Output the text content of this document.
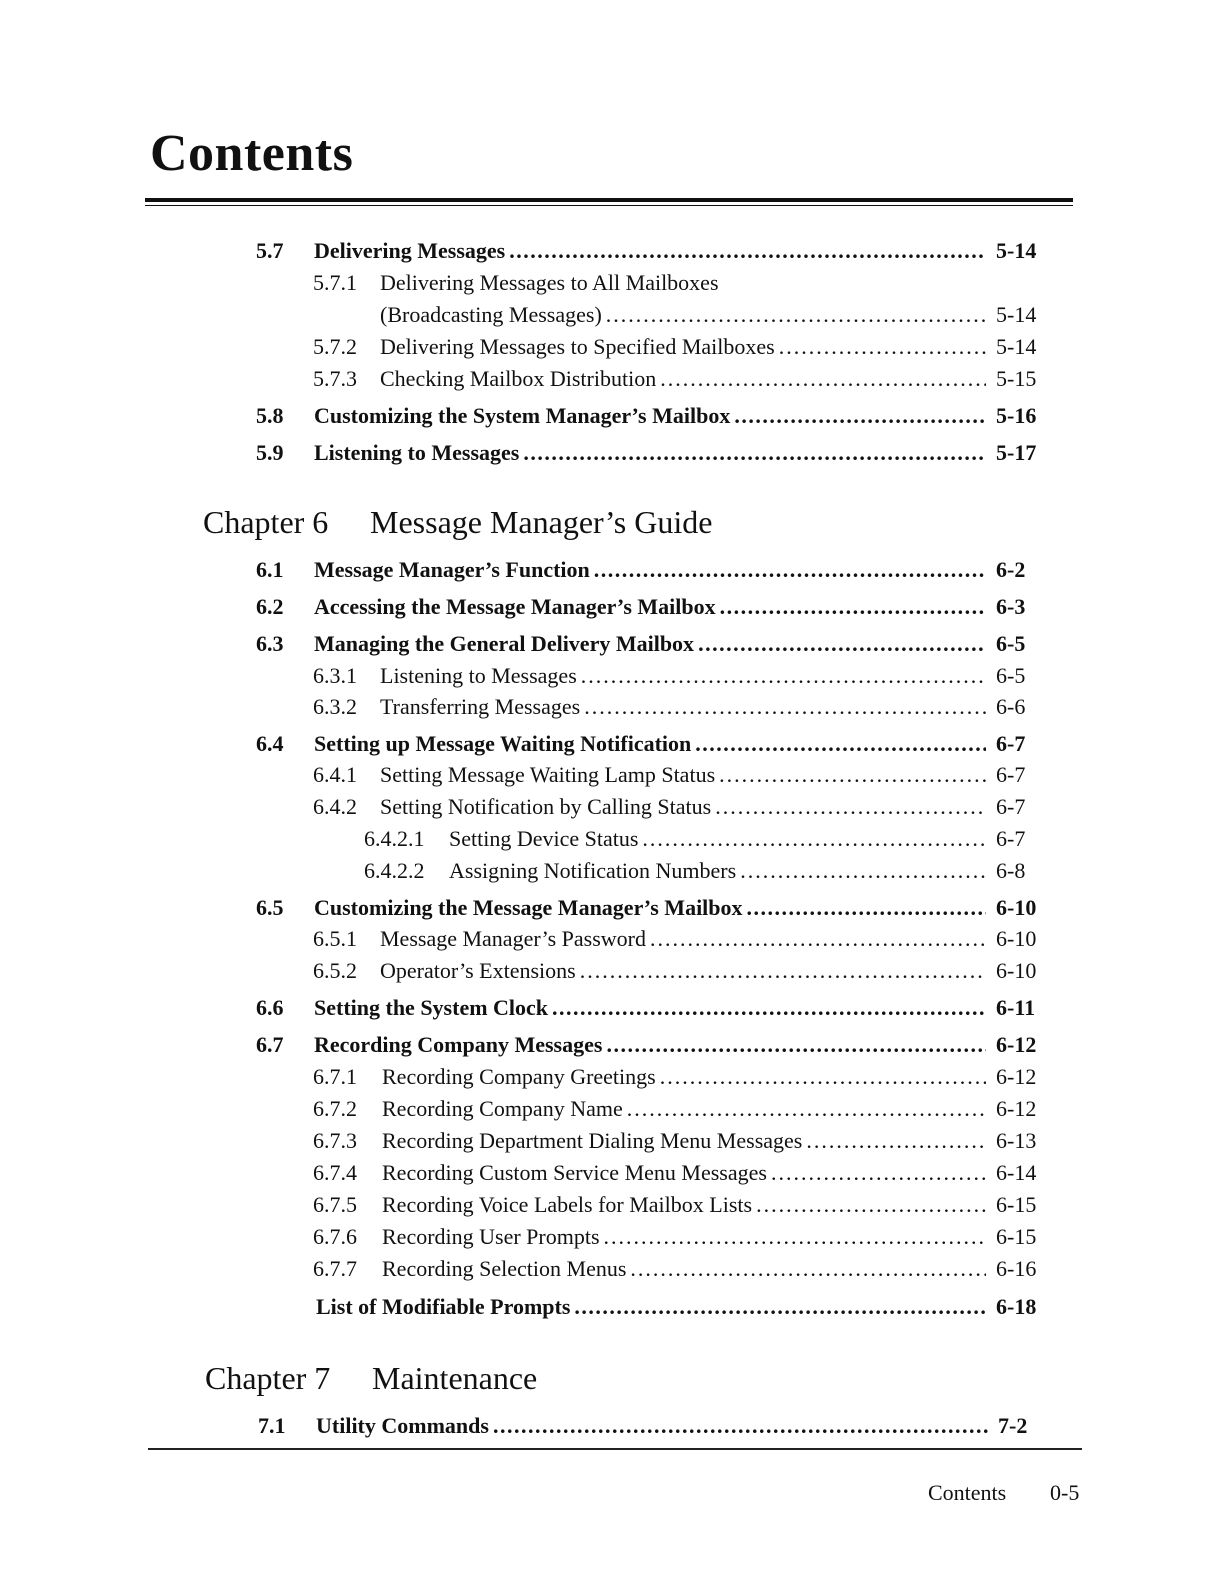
Contents
5.7 Delivering Messages .....	5-14
5.7.1 Delivering Messages to All Mailboxes
(Broadcasting Messages) .....	5-14
5.7.2 Delivering Messages to Specified Mailboxes .....	5-14
5.7.3 Checking Mailbox Distribution .....	5-15
5.8 Customizing the System Manager’s Mailbox .....	5-16
5.9 Listening to Messages .....	5-17
Chapter 6 Message Manager’s Guide
6.1 Message Manager’s Function .....	6-2
6.2 Accessing the Message Manager’s Mailbox .....	6-3
6.3 Managing the General Delivery Mailbox .....	6-5
6.3.1 Listening to Messages .....	6-5
6.3.2 Transferring Messages .....	6-6
6.4 Setting up Message Waiting Notification .....	6-7
6.4.1 Setting Message Waiting Lamp Status .....	6-7
6.4.2 Setting Notification by Calling Status .....	6-7
6.4.2.1 Setting Device Status .....	6-7
6.4.2.2 Assigning Notification Numbers .....	6-8
6.5 Customizing the Message Manager’s Mailbox .....	6-10
6.5.1 Message Manager’s Password .....	6-10
6.5.2 Operator’s Extensions .....	6-10
6.6 Setting the System Clock .....	6-11
6.7 Recording Company Messages .....	6-12
6.7.1 Recording Company Greetings .....	6-12
6.7.2 Recording Company Name .....	6-12
6.7.3 Recording Department Dialing Menu Messages .....	6-13
6.7.4 Recording Custom Service Menu Messages .....	6-14
6.7.5 Recording Voice Labels for Mailbox Lists .....	6-15
6.7.6 Recording User Prompts .....	6-15
6.7.7 Recording Selection Menus .....	6-16
List of Modifiable Prompts .....	6-18
Chapter 7 Maintenance
7.1 Utility Commands .....	7-2
Contents 0-5
